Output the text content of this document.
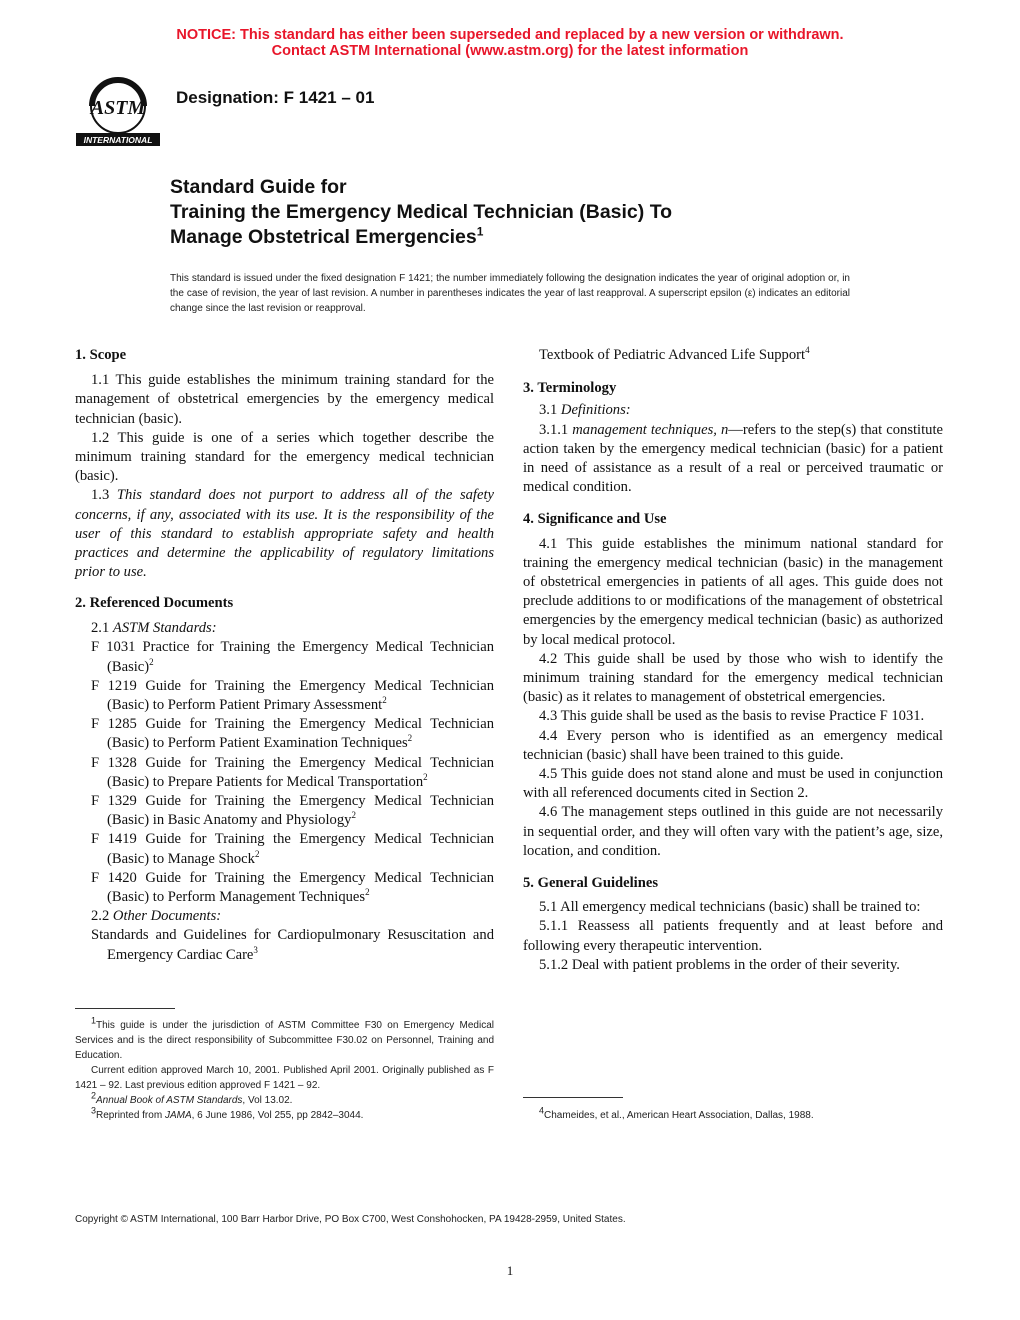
NOTICE: This standard has either been superseded and replaced by a new version or withdrawn.
Contact ASTM International (www.astm.org) for the latest information
ASTM
INTERNATIONAL
Designation: F 1421 – 01
Standard Guide for
Training the Emergency Medical Technician (Basic) To
Manage Obstetrical Emergencies$^1$
This standard is issued under the fixed designation F 1421; the number immediately following the designation indicates the year of original adoption or, in the case of revision, the year of last revision. A number in parentheses indicates the year of last reapproval. A superscript epsilon (ε) indicates an editorial change since the last revision or reapproval.

1. Scope

1.1 This guide establishes the minimum training standard for the management of obstetrical emergencies by the emergency medical technician (basic).

1.2 This guide is one of a series which together describe the minimum training standard for the emergency medical technician (basic).

1.3 This standard does not purport to address all of the safety concerns, if any, associated with its use. It is the responsibility of the user of this standard to establish appropriate safety and health practices and determine the applicability of regulatory limitations prior to use.

2. Referenced Documents

2.1 ASTM Standards:

F 1031 Practice for Training the Emergency Medical Technician (Basic)$^2$

F 1219 Guide for Training the Emergency Medical Technician (Basic) to Perform Patient Primary Assessment$^2$

F 1285 Guide for Training the Emergency Medical Technician (Basic) to Perform Patient Examination Techniques$^2$

F 1328 Guide for Training the Emergency Medical Technician (Basic) to Prepare Patients for Medical Transportation$^2$

F 1329 Guide for Training the Emergency Medical Technician (Basic) in Basic Anatomy and Physiology$^2$

F 1419 Guide for Training the Emergency Medical Technician (Basic) to Manage Shock$^2$

F 1420 Guide for Training the Emergency Medical Technician (Basic) to Perform Management Techniques$^2$

2.2 Other Documents:

Standards and Guidelines for Cardiopulmonary Resuscitation and Emergency Cardiac Care$^3$

$^1$This guide is under the jurisdiction of ASTM Committee F30 on Emergency Medical Services and is the direct responsibility of Subcommittee F30.02 on Personnel, Training and Education.

Current edition approved March 10, 2001. Published April 2001. Originally published as F 1421 – 92. Last previous edition approved F 1421 – 92.

$^2$Annual Book of ASTM Standards, Vol 13.02.

$^3$Reprinted from JAMA, 6 June 1986, Vol 255, pp 2842–3044.

Textbook of Pediatric Advanced Life Support$^4$

3. Terminology

3.1 Definitions:

3.1.1 management techniques, n—refers to the step(s) that constitute action taken by the emergency medical technician (basic) for a patient in need of assistance as a result of a real or perceived traumatic or medical condition.

4. Significance and Use

4.1 This guide establishes the minimum national standard for training the emergency medical technician (basic) in the management of obstetrical emergencies in patients of all ages. This guide does not preclude additions to or modifications of the management of obstetrical emergencies by the emergency medical technician (basic) as authorized by local medical protocol.

4.2 This guide shall be used by those who wish to identify the minimum training standard for the emergency medical technician (basic) as it relates to management of obstetrical emergencies.

4.3 This guide shall be used as the basis to revise Practice F 1031.

4.4 Every person who is identified as an emergency medical technician (basic) shall have been trained to this guide.

4.5 This guide does not stand alone and must be used in conjunction with all referenced documents cited in Section 2.

4.6 The management steps outlined in this guide are not necessarily in sequential order, and they will often vary with the patient’s age, size, location, and condition.

5. General Guidelines

5.1 All emergency medical technicians (basic) shall be trained to:

5.1.1 Reassess all patients frequently and at least before and following every therapeutic intervention.

5.1.2 Deal with patient problems in the order of their severity.

$^4$Chameides, et al., American Heart Association, Dallas, 1988.

Copyright © ASTM International, 100 Barr Harbor Drive, PO Box C700, West Conshohocken, PA 19428-2959, United States.
1
